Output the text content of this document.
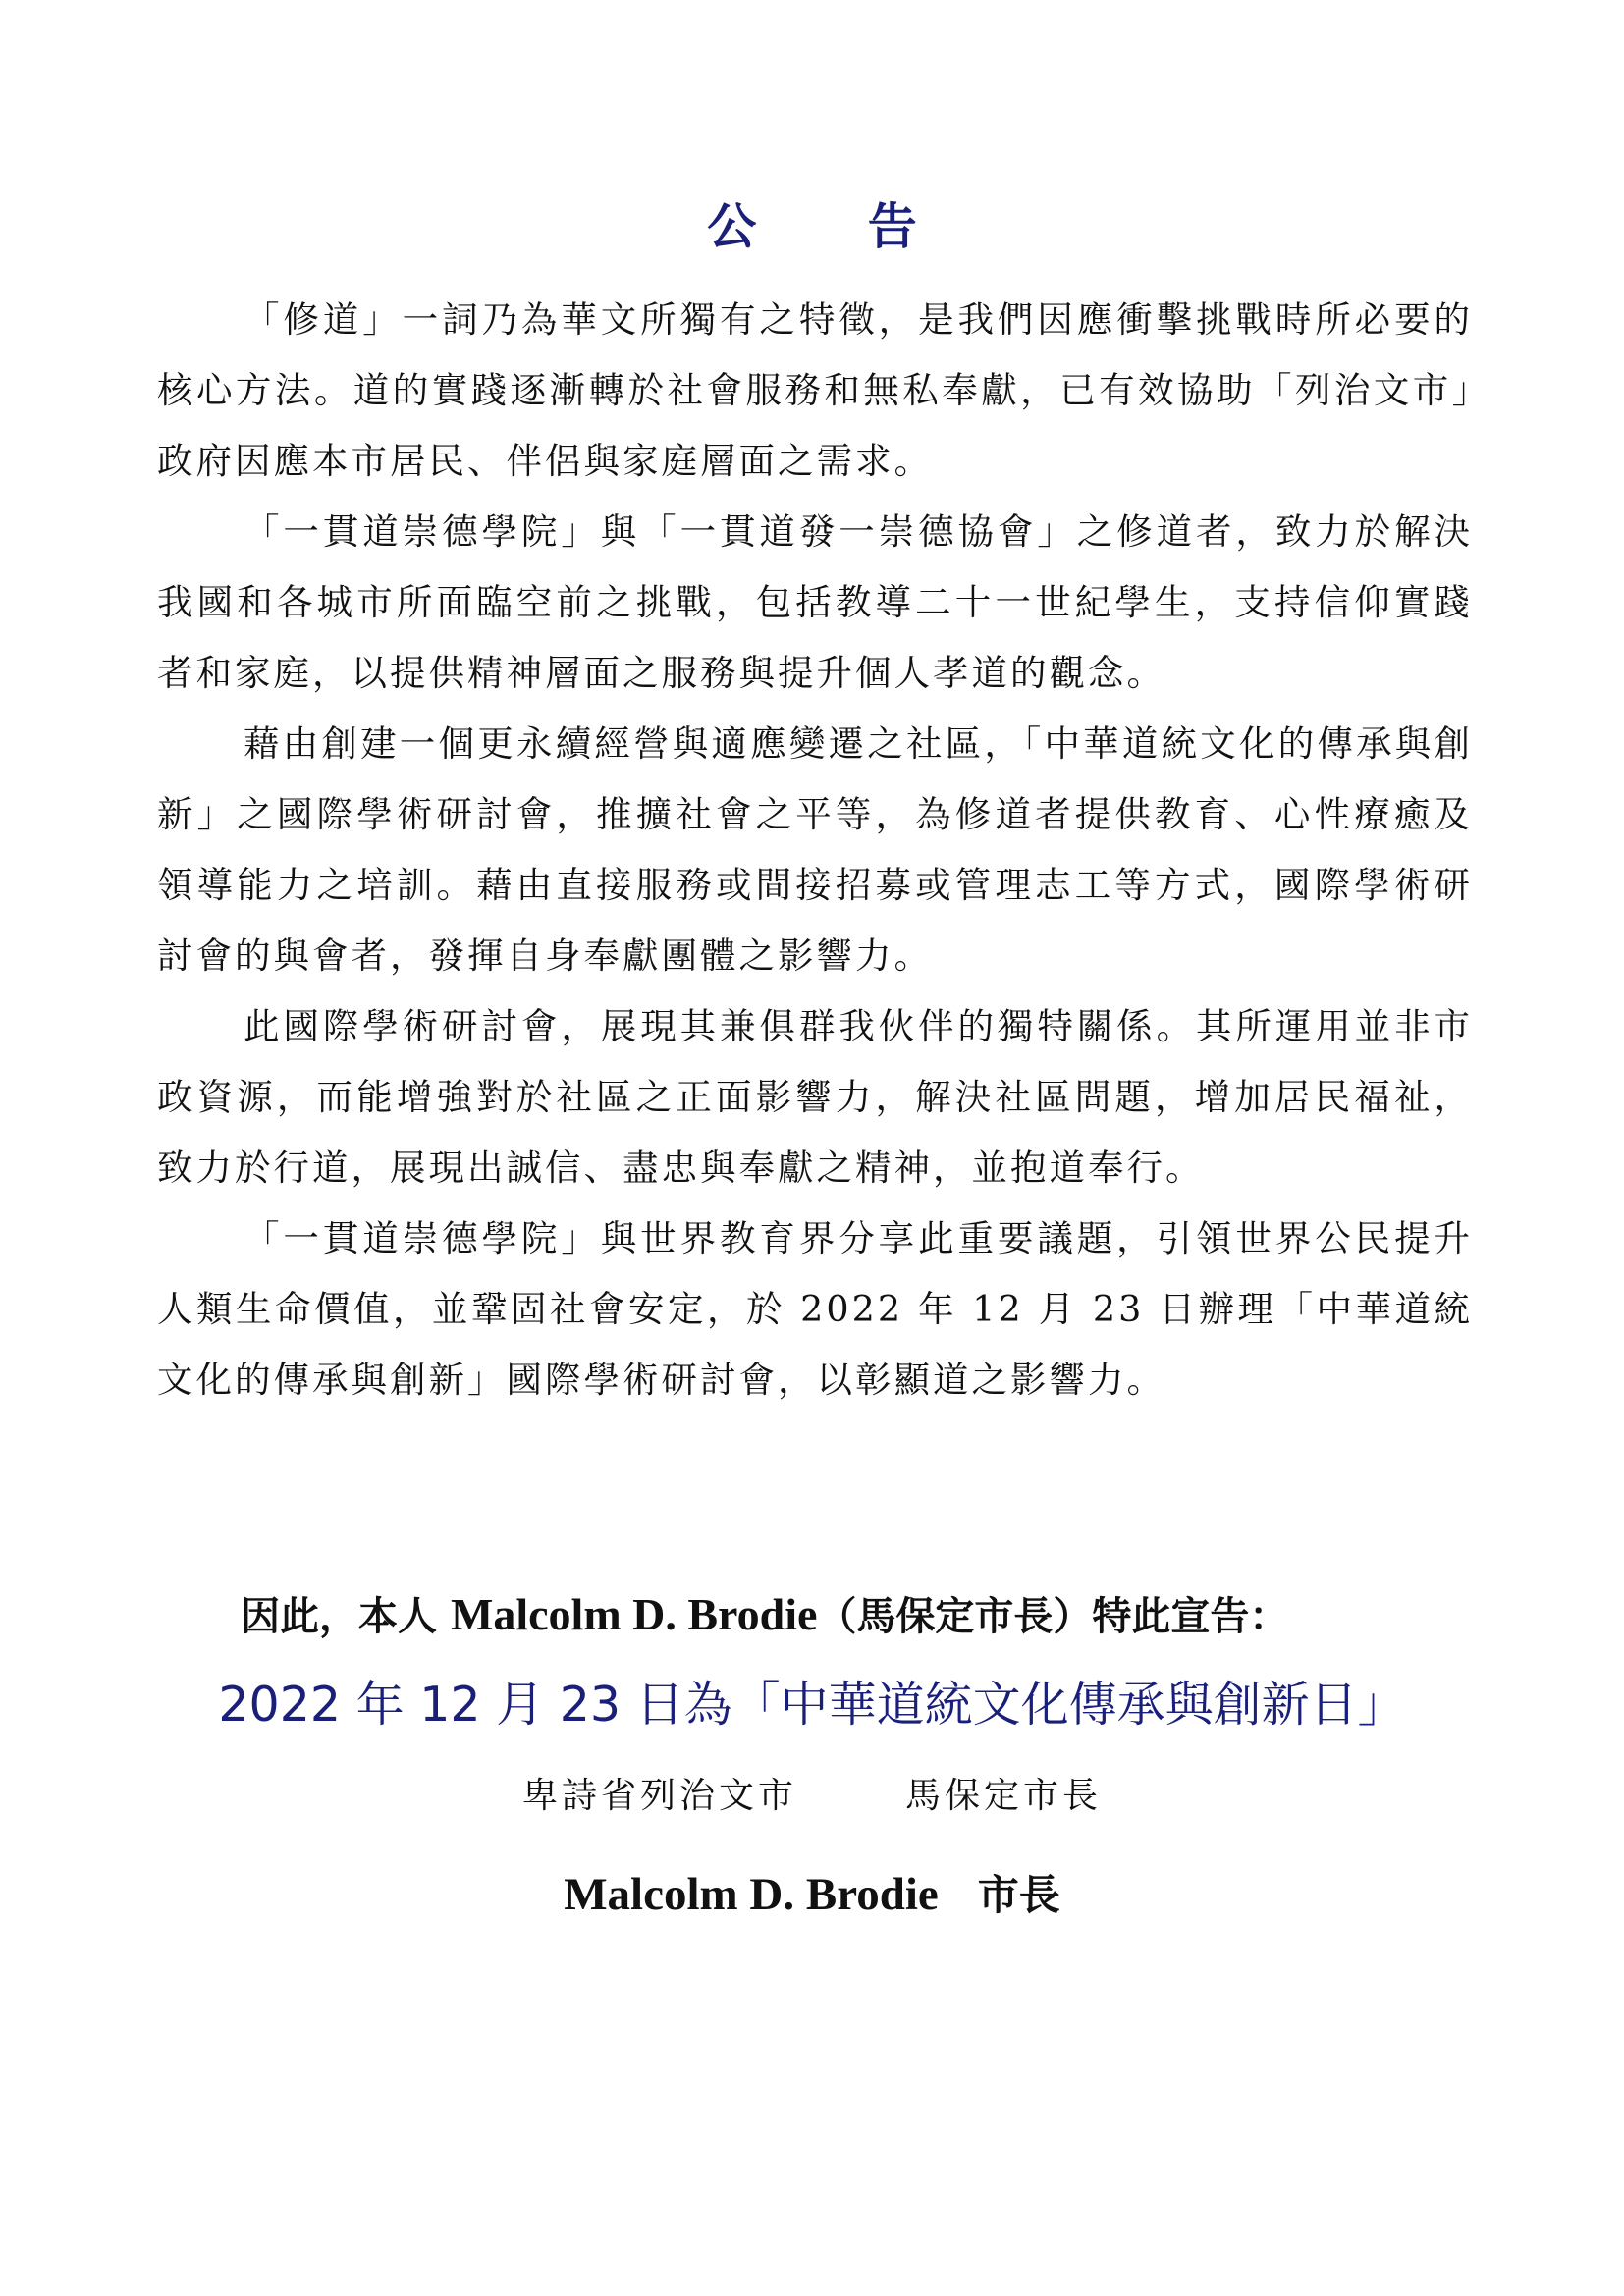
公 告

「修道」一詞乃為華文所獨有之特徵，是我們因應衝擊挑戰時所必要的核心方法。道的實踐逐漸轉於社會服務和無私奉獻，已有效協助「列治文市」政府因應本市居民、伴侶與家庭層面之需求。

「一貫道崇德學院」與「一貫道發一崇德協會」之修道者，致力於解決我國和各城市所面臨空前之挑戰，包括教導二十一世紀學生，支持信仰實踐者和家庭，以提供精神層面之服務與提升個人孝道的觀念。

藉由創建一個更永續經營與適應變遷之社區，「中華道統文化的傳承與創新」之國際學術研討會，推擴社會之平等，為修道者提供教育、心性療癒及領導能力之培訓。藉由直接服務或間接招募或管理志工等方式，國際學術研討會的與會者，發揮自身奉獻團體之影響力。

此國際學術研討會，展現其兼俱群我伙伴的獨特關係。其所運用並非市政資源，而能增強對於社區之正面影響力，解決社區問題，增加居民福祉，致力於行道，展現出誠信、盡忠與奉獻之精神，並抱道奉行。

「一貫道崇德學院」與世界教育界分享此重要議題，引領世界公民提升人類生命價值，並鞏固社會安定，於 2022 年 12 月 23 日辦理「中華道統文化的傳承與創新」國際學術研討會，以彰顯道之影響力。

因此，本人 Malcolm D. Brodie（馬保定市長）特此宣告：
2022 年 12 月 23 日為「中華道統文化傳承與創新日」
卑詩省列治文市	馬保定市長
Malcolm D. Brodie 市長
